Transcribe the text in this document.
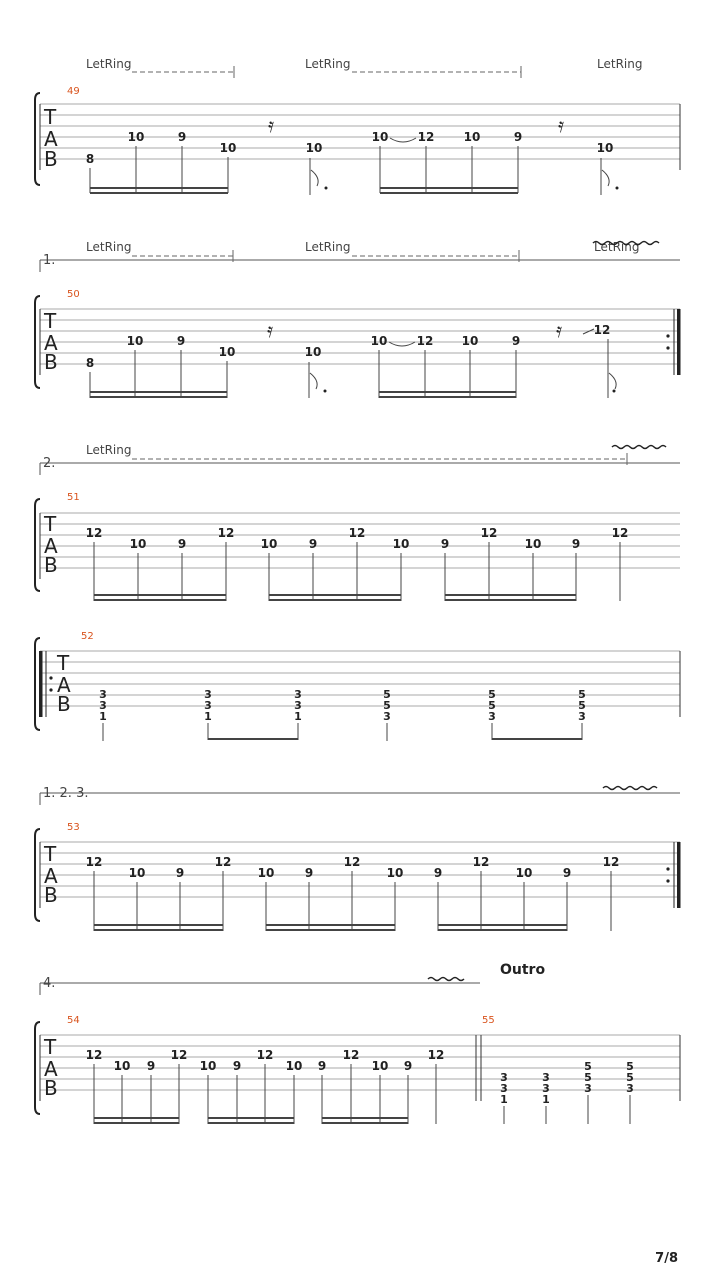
LetRing	LetRing	LetRing
49
T
A
B 8
10	9
10	10
10 12 10	9
10
𝄿	𝄿
1.
LetRing	LetRing	LetRing
50
T
A
B 8
10	9
10	10
10 12 10	9
12
𝄿	𝄿
2.
LetRing
51
T
A
B
12
10	9
12
10	9
12
10	9
12
10	9
12
52
T
A
B	3
3
1
3
3
1
3
3
1
5
5
3
5
5
3
5
5
3
1. 2. 3.
53
T
A
B
12
10	9
12
10	9
12
10	9
12
10	9
12
4.
Outro
54	55
T
A
B
12
10 9
12
10 9
12
10 9
12
10 9
12
3
3
1
3
3
1
5
5
3
5
5
3
7/8
